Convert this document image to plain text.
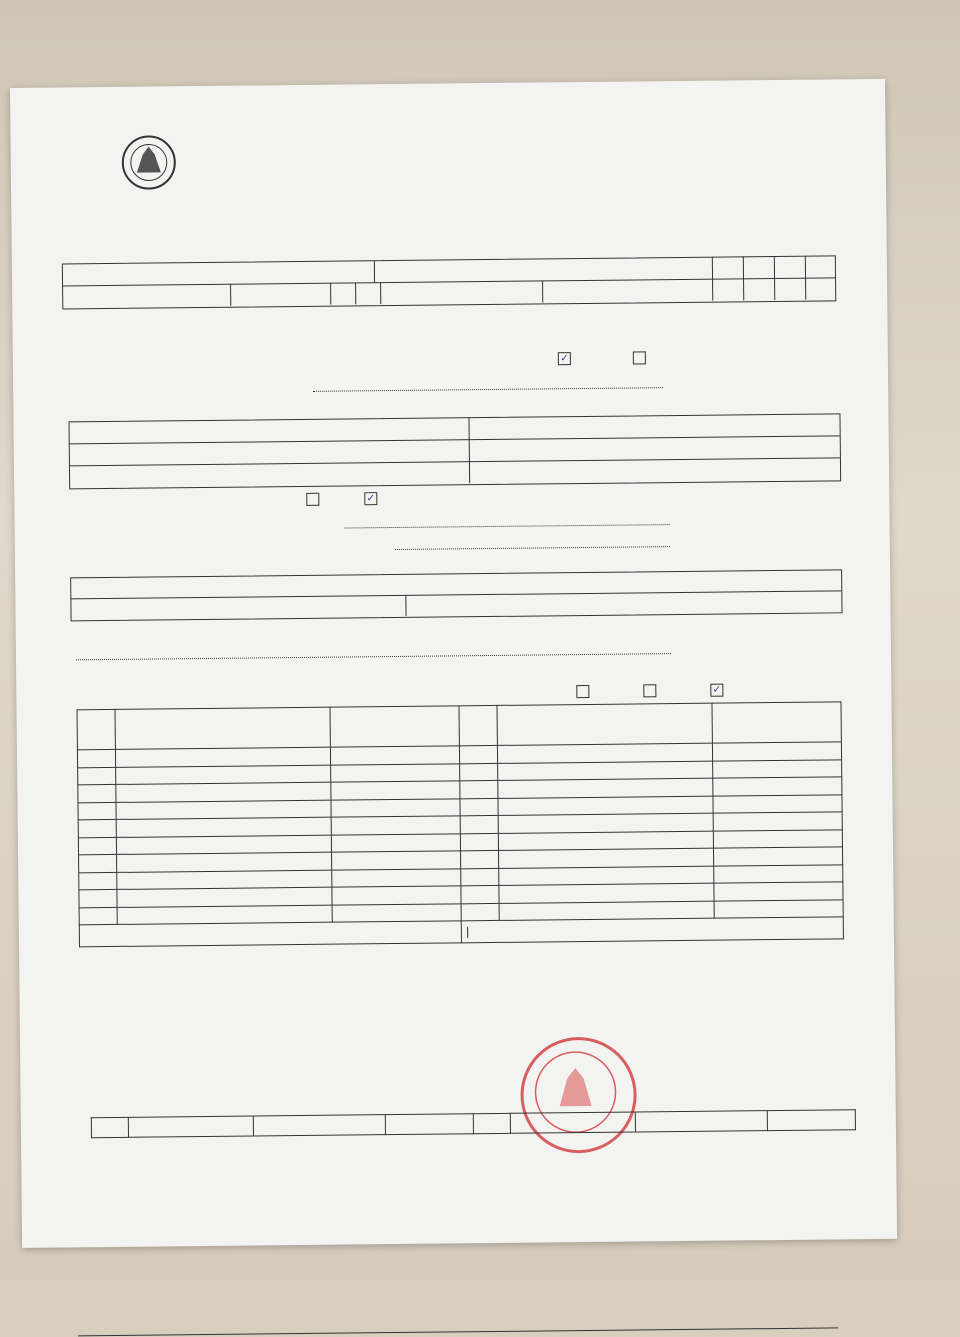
✓
✓
✓

			|		
